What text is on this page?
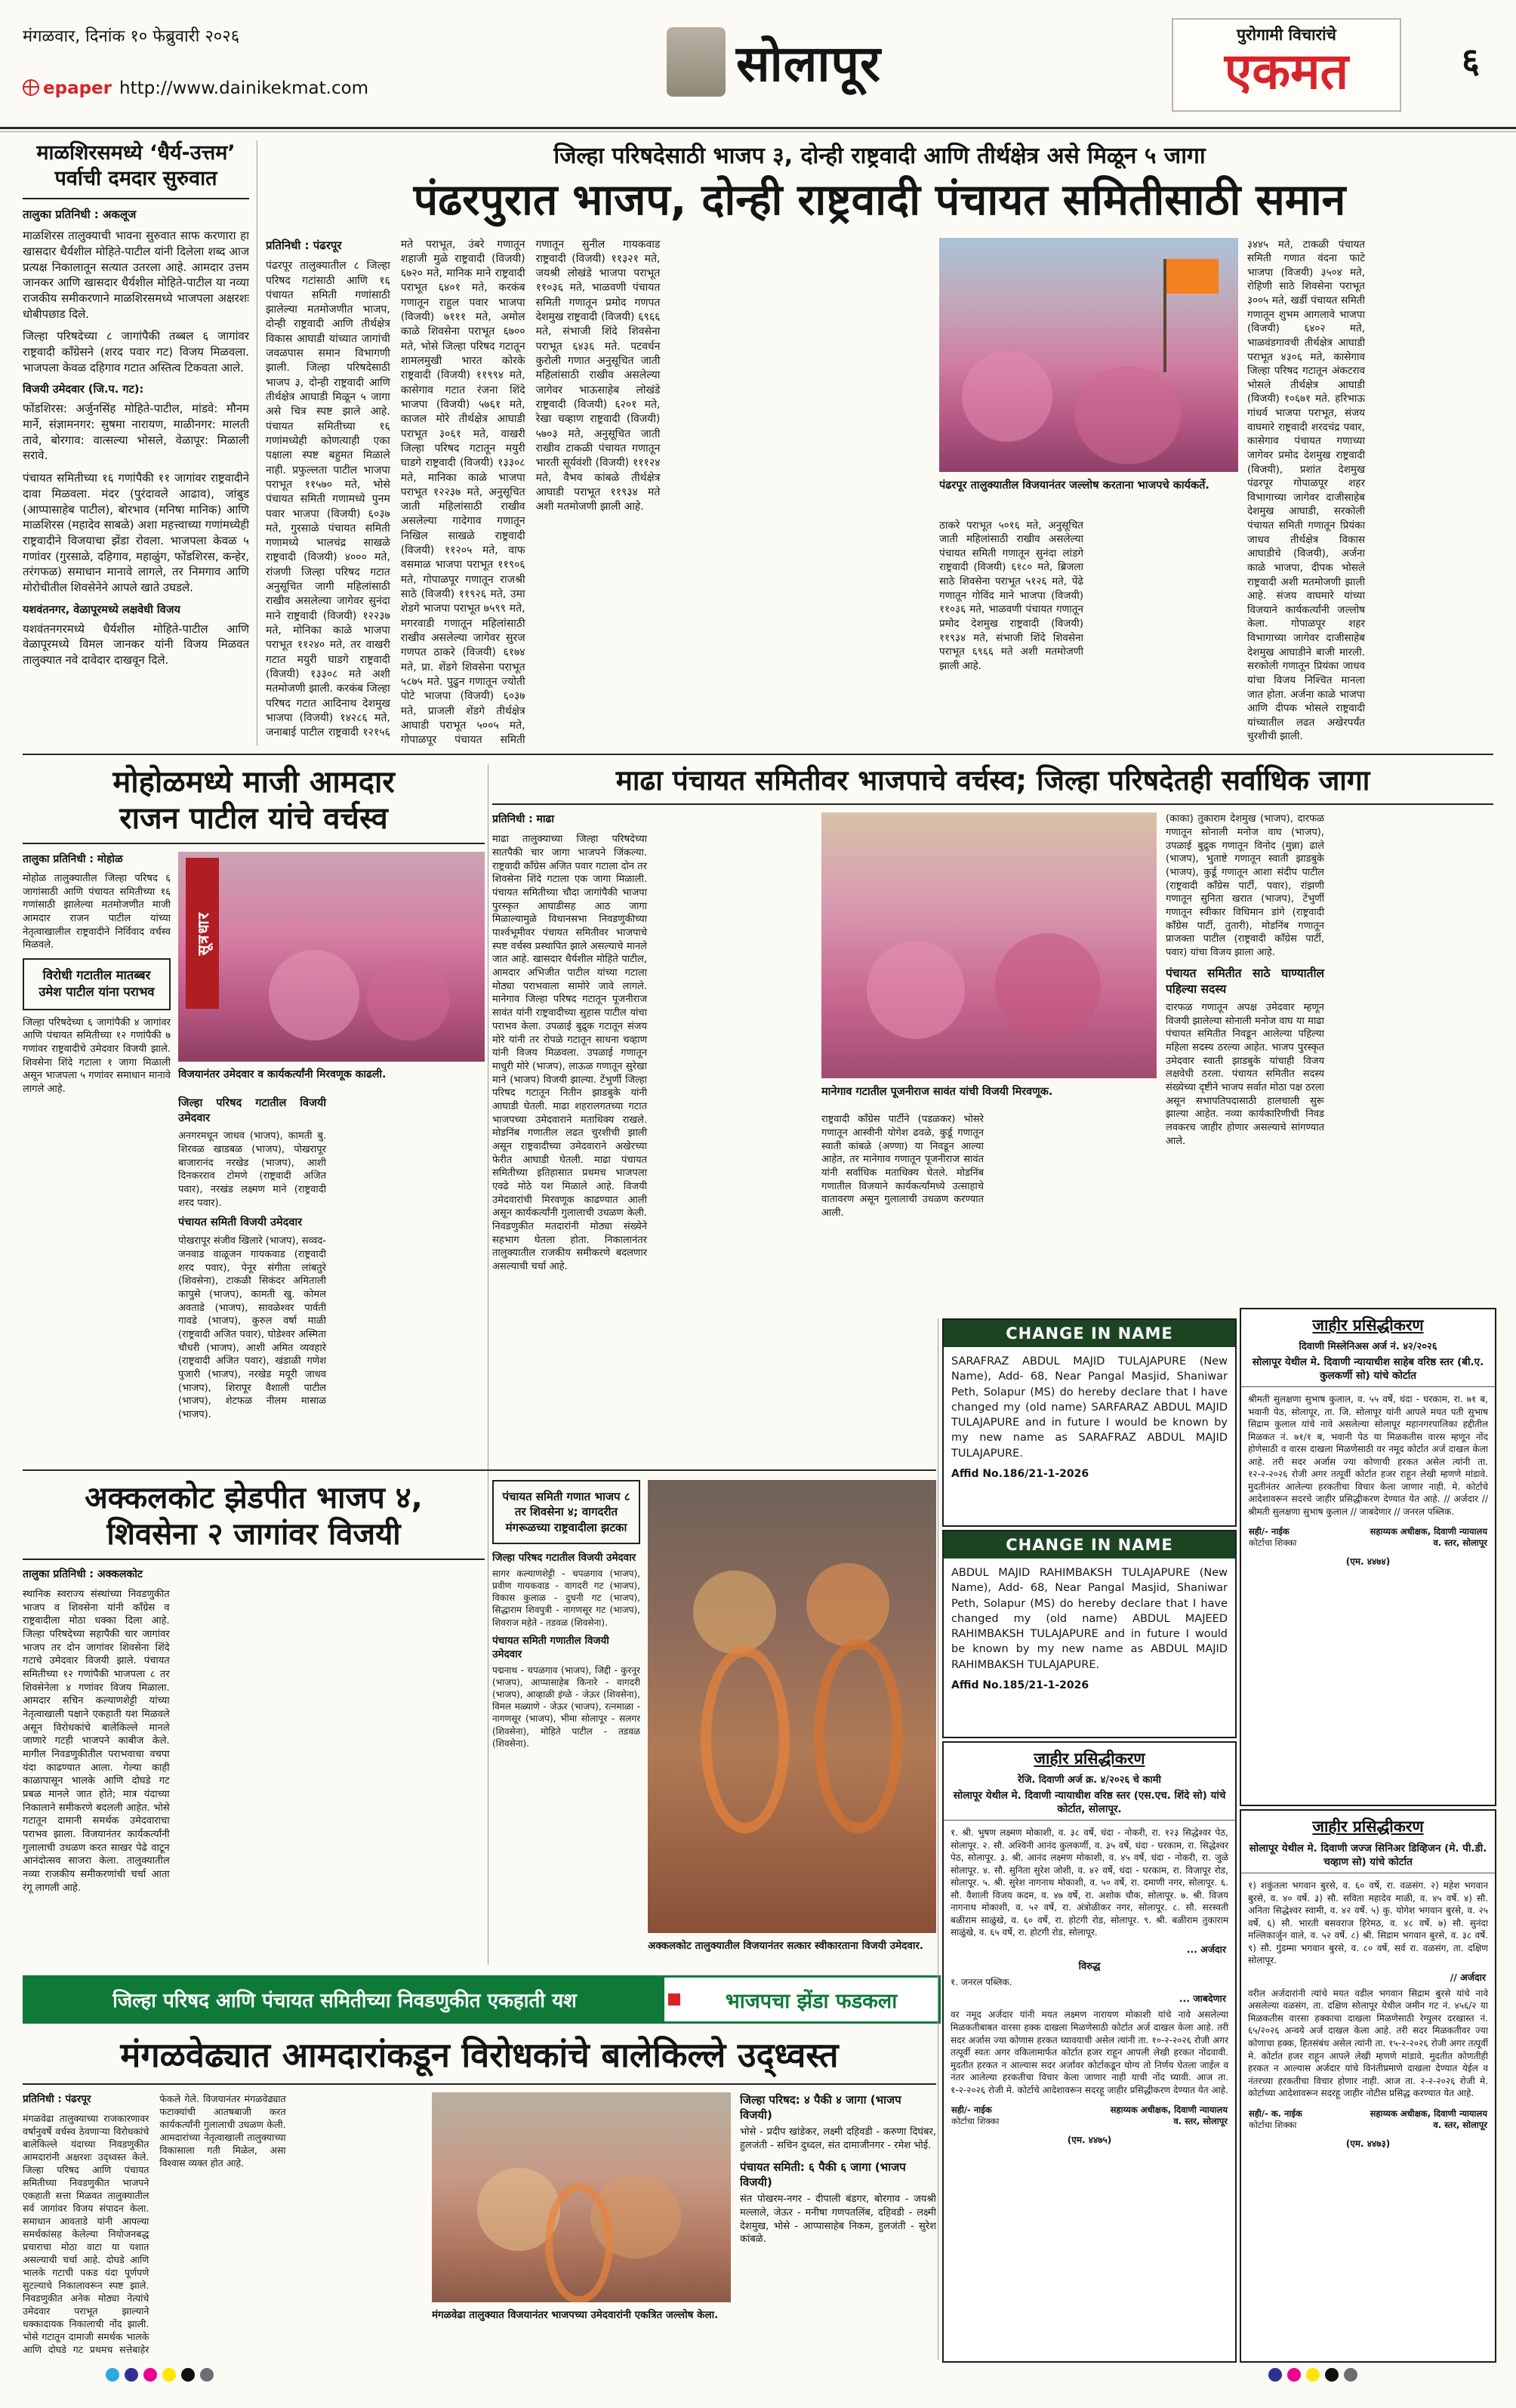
मंगळवार, दिनांक १० फेब्रुवारी २०२६
epaper http://www.dainikekmat.com	सोलापूर	पुरोगामी विचारांचे
एकमत	६
माळशिरसमध्ये ‘धैर्य-उत्तम’
पर्वाची दमदार सुरुवात
तालुका प्रतिनिधी : अकलूज

माळशिरस तालुक्याची भावना सुरुवात साफ करणारा हा खासदार धैर्यशील मोहिते-पाटील यांनी दिलेला शब्द आज प्रत्यक्ष निकालातून सत्यात उतरला आहे. आमदार उत्तम जानकर आणि खासदार धैर्यशील मोहिते-पाटील या नव्या राजकीय समीकरणाने माळशिरसमध्ये भाजपला अक्षरशः धोबीपछाड दिले.

जिल्हा परिषदेच्या ८ जागांपैकी तब्बल ६ जागांवर राष्ट्रवादी काँग्रेसने (शरद पवार गट) विजय मिळवला. भाजपला केवळ दहिगाव गटात अस्तित्व टिकवता आले.

विजयी उमेदवार (जि.प. गट):

फोंडशिरस: अर्जुनसिंह मोहिते-पाटील, मांडवे: मौनम मार्ने, संज्ञामनगर: सुषमा नारायण, माळीनगर: मालती तावे, बोरगाव: वात्सल्या भोसले, वेळापूर: मिळाली सरावे.

पंचायत समितीच्या १६ गणांपैकी ११ जागांवर राष्ट्रवादीने दावा मिळवला. मंदर (पुरंदावले आढाव), जांबुड (आप्पासाहेब पाटील), बोरभाव (मनिषा मानिक) आणि माळशिरस (महादेव साबळे) अशा महत्त्वाच्या गणांमध्येही राष्ट्रवादीने विजयाचा झेंडा रोवला. भाजपला केवळ ५ गणांवर (गुरसाळे, दहिगाव, महाळुंग, फोंडशिरस, कन्हेर, तरंगफळ) समाधान मानावे लागले, तर निमगाव आणि मोरोचीतील शिवसेनेने आपले खाते उघडले.

यशवंतनगर, वेळापूरमध्ये लक्षवेधी विजय

यशवंतनगरमध्ये धैर्यशील मोहिते-पाटील आणि वेळापूरमध्ये विमल जानकर यांनी विजय मिळवत तालुक्यात नवे दावेदार दाखवून दिले.

जिल्हा परिषदेसाठी भाजप ३, दोन्ही राष्ट्रवादी आणि तीर्थक्षेत्र असे मिळून ५ जागा
पंढरपुरात भाजप, दोन्ही राष्ट्रवादी पंचायत समितीसाठी समान
प्रतिनिधी : पंढरपूर

पंढरपूर तालुक्यातील ८ जिल्हा परिषद गटांसाठी आणि १६ पंचायत समिती गणांसाठी झालेल्या मतमोजणीत भाजप, दोन्ही राष्ट्रवादी आणि तीर्थक्षेत्र विकास आघाडी यांच्यात जागांची जवळपास समान विभागणी झाली. जिल्हा परिषदेसाठी भाजप ३, दोन्ही राष्ट्रवादी आणि तीर्थक्षेत्र आघाडी मिळून ५ जागा असे चित्र स्पष्ट झाले आहे. पंचायत समितीच्या १६ गणांमध्येही कोणत्याही एका पक्षाला स्पष्ट बहुमत मिळाले नाही. प्रफुल्लता पाटील भाजपा पराभूत ११५७० मते, भोसे पंचायत समिती गणामध्ये पुनम पवार भाजपा (विजयी) ६०३७ मते, गुरसाळे पंचायत समिती गणामध्ये भालचंद्र साखळे राष्ट्रवादी (विजयी) ४००० मते, रांजणी जिल्हा परिषद गटात अनुसूचित जागी महिलांसाठी राखीव असलेल्या जागेवर सुनंदा माने राष्ट्रवादी (विजयी) १२२३७ मते, मोनिका काळे भाजपा पराभूत ११२४० मते, तर वाखरी गटात मयुरी घाडगे राष्ट्रवादी (विजयी) १३३०८ मते अशी मतमोजणी झाली. करकंब जिल्हा परिषद गटात आदिनाथ देशमुख भाजपा (विजयी) १४२८६ मते, जनाबाई पाटील राष्ट्रवादी १२१५६ मते पराभूत, उंबरे गणातून शहाजी मुळे राष्ट्रवादी (विजयी) ६७२० मते, मानिक माने राष्ट्रवादी पराभूत ६४०१ मते, करकंब गणातून राहुल पवार भाजपा (विजयी) ७१११ मते, अमोल काळे शिवसेना पराभूत ६७०० मते, भोसे जिल्हा परिषद गटातून शामलमुखी भारत कोरके राष्ट्रवादी (विजयी) ११९९४ मते, कासेगाव गटात रंजना शिंदे भाजपा (विजयी) ५७६१ मते, काजल मोरे तीर्थक्षेत्र आघाडी पराभूत ३०६१ मते, वाखरी जिल्हा परिषद गटातून मयुरी घाडगे राष्ट्रवादी (विजयी) १३३०८ मते, मानिका काळे भाजपा पराभूत १२२३७ मते, अनुसूचित जाती महिलांसाठी राखीव असलेल्या गादेगाव गणातून निखिल साखळे राष्ट्रवादी (विजयी) ११२०५ मते, वाफ वसमाळ भाजपा पराभूत ११९०६ मते, गोपाळपूर गणातून राजश्री साठे (विजयी) ११९२६ मते, उमा शेडगे भाजपा पराभूत ७५९९ मते, मगरवाडी गणातून महिलांसाठी राखीव असलेल्या जागेवर सुरज गणपत ठाकरे (विजयी) ६१७४ मते, प्रा. शेंडगे शिवसेना पराभूत ५८७५ मते. पुढुन गणातून ज्योती पोटे भाजपा (विजयी) ६०३७ मते, प्राजली शेंडगे तीर्थक्षेत्र आघाडी पराभूत ५००५ मते, गोपाळपूर पंचायत समिती गणातून सुनील गायकवाड राष्ट्रवादी (विजयी) ११३२१ मते, जयश्री लोखंडे भाजपा पराभूत ११०३६ मते, भाळवणी पंचायत समिती गणातून प्रमोद गणपत देशमुख राष्ट्रवादी (विजयी) ६९६६ मते, संभाजी शिंदे शिवसेना पराभूत ६४३६ मते. पटवर्धन कुरोली गणात अनुसूचित जाती महिलांसाठी राखीव असलेल्या जागेवर भाऊसाहेब लोखंडे राष्ट्रवादी (विजयी) ६२०१ मते, रेखा चव्हाण राष्ट्रवादी (विजयी) ५७०३ मते, अनुसूचित जाती राखीव टाकळी पंचायत गणातून भारती सूर्यवंशी (विजयी) १११२४ मते, वैभव कांबळे तीर्थक्षेत्र आघाडी पराभूत ११९३४ मते अशी मतमोजणी झाली आहे.

पंढरपूर तालुक्यातील विजयानंतर जल्लोष करताना भाजपचे कार्यकर्ते.

ठाकरे पराभूत ५०१६ मते, अनुसूचित जाती महिलांसाठी राखीव असलेल्या पंचायत समिती गणातून सुनंदा लांडगे राष्ट्रवादी (विजयी) ६१८० मते, ब्रिजला साठे शिवसेना पराभूत ५१२६ मते, पेंढे गणातून गोविंद माने भाजपा (विजयी) ११०३६ मते, भाळवणी पंचायत गणातून प्रमोद देशमुख राष्ट्रवादी (विजयी) ११९३४ मते, संभाजी शिंदे शिवसेना पराभूत ६९६६ मते अशी मतमोजणी झाली आहे.

३४४५ मते, टाकळी पंचायत समिती गणात वंदना फाटे भाजपा (विजयी) ३५०४ मते, रोहिणी साठे शिवसेना पराभूत ३००५ मते, खर्डी पंचायत समिती गणातून शुभम आगलावे भाजपा (विजयी) ६४०२ मते, भाळवंडगावची तीर्थक्षेत्र आघाडी पराभूत ४३०६ मते, कासेगाव जिल्हा परिषद गटातून अंकटराव भोसले तीर्थक्षेत्र आघाडी (विजयी) १०६७१ मते. हरिभाऊ गांधर्व भाजपा पराभूत, संजय वाघमारे राष्ट्रवादी शरदचंद्र पवार, कासेगाव पंचायत गणाच्या जागेवर प्रमोद देशमुख राष्ट्रवादी (विजयी), प्रशांत देशमुख पंढरपूर गोपाळपूर शहर विभागाच्या जागेवर दाजीसाहेब देशमुख आघाडी, सरकोली पंचायत समिती गणातून प्रियंका जाधव तीर्थक्षेत्र विकास आघाडीचे (विजयी), अर्जना काळे भाजपा, दीपक भोसले राष्ट्रवादी अशी मतमोजणी झाली आहे. संजय वाघमारे यांच्या विजयाने कार्यकर्त्यांनी जल्लोष केला. गोपाळपूर शहर विभागाच्या जागेवर दाजीसाहेब देशमुख आघाडीने बाजी मारली. सरकोली गणातून प्रियंका जाधव यांचा विजय निश्चित मानला जात होता. अर्जना काळे भाजपा आणि दीपक भोसले राष्ट्रवादी यांच्यातील लढत अखेरपर्यंत चुरशीची झाली.

मोहोळमध्ये माजी आमदार
राजन पाटील यांचे वर्चस्व
तालुका प्रतिनिधी : मोहोळ
मोहोळ तालुक्यातील जिल्हा परिषद ६ जागांसाठी आणि पंचायत समितीच्या १६ गणांसाठी झालेल्या मतमोजणीत माजी आमदार राजन पाटील यांच्या नेतृत्वाखालील राष्ट्रवादीने निर्विवाद वर्चस्व मिळवले.
विरोधी गटातील मातब्बर उमेश पाटील यांना पराभव
जिल्हा परिषदेच्या ६ जागांपैकी ४ जागांवर आणि पंचायत समितीच्या १२ गणांपैकी ७ गणांवर राष्ट्रवादीचे उमेदवार विजयी झाले. शिवसेना शिंदे गटाला १ जागा मिळाली असून भाजपला ५ गणांवर समाधान मानावे लागले आहे.
सूत्रधार
विजयानंतर उमेदवार व कार्यकर्त्यांनी मिरवणूक काढली.
जिल्हा परिषद गटातील विजयी उमेदवार

अनगरमधून जाधव (भाजप), कामती बु. शिरवळ खाडबळ (भाजप), पोखरापूर बाजारानंद नरखेड (भाजप), आशी दिनकरराव टोमणे (राष्ट्रवादी अजित पवार), नरखंड लक्ष्मण माने (राष्ट्रवादी शरद पवार).

पंचायत समिती विजयी उमेदवार

पोखरापूर संजीव खिलारे (भाजप), सव्वद-जनवाड वाळूजन गायकवाड (राष्ट्रवादी शरद पवार), पेनूर संगीता लांबतुरे (शिवसेना), टाकळी सिकंदर अमिताली कापुसे (भाजप), कामती खु. कोमल अवताडे (भाजप), सावळेश्वर पार्वती गावडे (भाजप), कुरुल वर्षा माळी (राष्ट्रवादी अजित पवार), घोडेश्वर अस्मिता चौधरी (भाजप), आशी अमित व्यवहारे (राष्ट्रवादी अजित पवार), खंडाळी गणेश पुजारी (भाजप), नरखेड मयूरी जाधव (भाजप), शिरापूर वैशाली पाटील (भाजप), शेटफळ नीलम मासाळ (भाजप).

माढा पंचायत समितीवर भाजपाचे वर्चस्व; जिल्हा परिषदेतही सर्वाधिक जागा
प्रतिनिधी : माढा

माढा तालुक्याच्या जिल्हा परिषदेच्या सातपैकी चार जागा भाजपने जिंकल्या. राष्ट्रवादी काँग्रेस अजित पवार गटाला दोन तर शिवसेना शिंदे गटाला एक जागा मिळाली. पंचायत समितीच्या चौदा जागांपैकी भाजपा पुरस्कृत आघाडीसह आठ जागा मिळाल्यामुळे विधानसभा निवडणुकीच्या पार्श्वभूमीवर पंचायत समितीवर भाजपाचे स्पष्ट वर्चस्व प्रस्थापित झाले असल्याचे मानले जात आहे. खासदार धैर्यशील मोहिते पाटील, आमदार अभिजीत पाटील यांच्या गटाला मोठ्या पराभवाला सामोरे जावे लागले. मानेगाव जिल्हा परिषद गटातून पूजनीराज सावंत यांनी राष्ट्रवादीच्या सुहास पाटील यांचा पराभव केला. उपळाई बुद्रुक गटातून संजय मोरे यांनी तर रोपळे गटातून साधना चव्हाण यांनी विजय मिळवला. उपळाई गणातून माधुरी मोरे (भाजप), लाऊळ गणातून सुरेखा माने (भाजप) विजयी झाल्या. टेंभुर्णी जिल्हा परिषद गटातून नितीन झाडबुके यांनी आघाडी घेतली. माढा शहरालगतच्या गटात भाजपच्या उमेदवाराने मताधिक्य राखले. मोडनिंब गणातील लढत चुरशीची झाली असून राष्ट्रवादीच्या उमेदवाराने अखेरच्या फेरीत आघाडी घेतली. माढा पंचायत समितीच्या इतिहासात प्रथमच भाजपला एवढे मोठे यश मिळाले आहे. विजयी उमेदवारांची मिरवणूक काढण्यात आली असून कार्यकर्त्यांनी गुलालाची उधळण केली. निवडणुकीत मतदारांनी मोठ्या संख्येने सहभाग घेतला होता. निकालानंतर तालुक्यातील राजकीय समीकरणे बदलणार असल्याची चर्चा आहे.

मानेगाव गटातील पूजनीराज सावंत यांची विजयी मिरवणूक.

राष्ट्रवादी काँग्रेस पार्टीने (पडळकर) भोसरे गणातून आस्वीनी योगेश ढवळे, कुर्डू गणातून स्वाती कांबळे (अण्णा) या निवडून आल्या आहेत, तर मानेगाव गणातून पूजनीराज सावंत यांनी सर्वाधिक मताधिक्य घेतले. मोडनिंब गणातील विजयाने कार्यकर्त्यांमध्ये उत्साहाचे वातावरण असून गुलालाची उधळण करण्यात आली.

(काका) तुकाराम देशमुख (भाजप), दारफळ गणातून सोनाली मनोज वाघ (भाजप), उपळाई बुद्रुक गणातून विनोद (मुन्ना) ढाले (भाजप), भुताष्टे गणातून स्वाती झाडबुके (भाजप), कुर्डू गणातून आशा संदीप पाटील (राष्ट्रवादी काँग्रेस पार्टी, पवार), रांझणी गणातून सुनिता खरात (भाजप), टेंभुर्णी गणातून स्वीकार विधिमान डांगे (राष्ट्रवादी काँग्रेस पार्टी, तुतारी), मोडनिंब गणातून प्राजक्ता पाटील (राष्ट्रवादी काँग्रेस पार्टी, पवार) यांचा विजय झाला आहे.

पंचायत समितीत साठे घाण्यातील पहिल्या सदस्य

दारफळ गणातून अपक्ष उमेदवार म्हणून विजयी झालेल्या सोनाली मनोज वाघ या माढा पंचायत समितीत निवडून आलेल्या पहिल्या महिला सदस्य ठरल्या आहेत. भाजप पुरस्कृत उमेदवार स्वाती झाडबुके यांचाही विजय लक्षवेधी ठरला. पंचायत समितीत सदस्य संख्येच्या दृष्टीने भाजप सर्वात मोठा पक्ष ठरला असून सभापतिपदासाठी हालचाली सुरू झाल्या आहेत. नव्या कार्यकारिणीची निवड लवकरच जाहीर होणार असल्याचे सांगण्यात आले.

अक्कलकोट झेडपीत भाजप ४,
शिवसेना २ जागांवर विजयी
तालुका प्रतिनिधी : अक्कलकोट

स्थानिक स्वराज्य संस्थांच्या निवडणुकीत भाजप व शिवसेना यांनी काँग्रेस व राष्ट्रवादीला मोठा धक्का दिला आहे. जिल्हा परिषदेच्या सहापैकी चार जागांवर भाजप तर दोन जागांवर शिवसेना शिंदे गटाचे उमेदवार विजयी झाले. पंचायत समितीच्या १२ गणांपैकी भाजपला ८ तर शिवसेनेला ४ गणांवर विजय मिळाला. आमदार सचिन कल्याणशेट्टी यांच्या नेतृत्वाखाली पक्षाने एकहाती यश मिळवले असून विरोधकांचे बालेकिल्ले मानले जाणारे गटही भाजपने काबीज केले. मागील निवडणुकीतील पराभवाचा वचपा यंदा काढण्यात आला. गेल्या काही काळापासून भालके आणि दोघडे गट प्रबळ मानले जात होते; मात्र यंदाच्या निकालाने समीकरणे बदलली आहेत. भोसे गटातून दामानी समर्थक उमेदवाराचा पराभव झाला. विजयानंतर कार्यकर्त्यांनी गुलालाची उधळण करत साखर पेढे वाटून आनंदोत्सव साजरा केला. तालुक्यातील नव्या राजकीय समीकरणांची चर्चा आता रंगू लागली आहे.

पंचायत समिती गणात भाजप ८ तर शिवसेना ४; वागदरीत मंगरूळच्या राष्ट्रवादीला झटका
जिल्हा परिषद गटातील विजयी उमेदवार
सागर कल्याणशेट्टी - चपळगाव (भाजप), प्रवीण गायकवाड - वागदरी गट (भाजप), विकास कुलाळ - दुधनी गट (भाजप), सिद्धाराम शिवपुत्री - नागणसूर गट (भाजप), शिवराज महेते - तडवळ (शिवसेना).
पंचायत समिती गणातील विजयी उमेदवार
पद्मन‍ाथ - चपळगाव (भाजप), जिद्दी - कुरनूर (भाजप), आप्पासाहेब किनारे - वागदरी (भाजप), आव्हाळी इंग्ळे - जेऊर (शिवसेना), विमल मळ्याणे - जेऊर (भाजप), रत्नमाळा - नागणसूर (भाजप), भीमा सोलापूर - सलगर (शिवसेना), मोहिते पाटील - तडवळ (शिवसेना).
अक्कलकोट तालुक्यातील विजयानंतर सत्कार स्वीकारताना विजयी उमेदवार.
जिल्हा परिषद आणि पंचायत समितीच्या निवडणुकीत एकहाती यश	भाजपचा झेंडा फडकला
मंगळवेढ्यात आमदारांकडून विरोधकांचे बालेकिल्ले उद्ध्वस्त
प्रतिनिधी : पंढरपूर

मंगळवेढा तालुक्याच्या राजकारणावर वर्षानुवर्षे वर्चस्व ठेवणाऱ्या विरोधकांचे बालेकिल्ले यंदाच्या निवडणुकीत आमदारांनी अक्षरशः उद्ध्वस्त केले. जिल्हा परिषद आणि पंचायत समितीच्या निवडणुकीत भाजपने एकहाती सत्ता मिळवत तालुक्यातील सर्व जागांवर विजय संपादन केला. समाधान आवताडे यांनी आपल्या समर्थकांसह केलेल्या नियोजनबद्ध प्रचाराचा मोठा वाटा या यशात असल्याची चर्चा आहे. दोघडे आणि भालके गटाची पकड यंदा पूर्णपणे सुटल्याचे निकालावरून स्पष्ट झाले. निवडणुकीत अनेक मोठ्या नेत्यांचे उमेदवार पराभूत झाल्याने धक्कादायक निकालाची नोंद झाली. भोसे गटातून दामाजी समर्थक भालके आणि दोघडे गट प्रथमच सत्तेबाहेर फेकले गेले. विजयानंतर मंगळवेढ्यात फटाक्यांची आतषबाजी करत कार्यकर्त्यांनी गुलालाची उधळण केली. आमदारांच्या नेतृत्वाखाली तालुक्याच्या विकासाला गती मिळेल, असा विश्वास व्यक्त होत आहे.

मंगळवेढा तालुक्यात विजयानंतर भाजपच्या उमेदवारांनी एकत्रित जल्लोष केला.
जिल्हा परिषद: ४ पैकी ४ जागा (भाजप विजयी)
भोसे - प्रदीप खांडेकर, लक्ष्मी दहिवडी - करुणा दिघंबर, हुलजंती - सचिन दुध्दल, संत दामाजीनगर - रमेश भोई.
पंचायत समिती: ६ पैकी ६ जागा (भाजप विजयी)
संत पोखरम-नगर - दीपाली बंडगर, बोरगाव - जयश्री मल्लाले, जेऊर - मनीषा गणपतलिंब, दहिवडी - लक्ष्मी देशमुख, भोसे - आप्पासाहेब निकम, हुलजंती - सुरेश कांबळे.
CHANGE IN NAME
SARAFRAZ ABDUL MAJID TULAJAPURE (New Name), Add- 68, Near Pangal Masjid, Shaniwar Peth, Solapur (MS) do hereby declare that I have changed my (old name) SARFARAZ ABDUL MAJID TULAJAPURE and in future I would be known by my new name as SARAFRAZ ABDUL MAJID TULAJAPURE.
Affid No.186/21-1-2026
CHANGE IN NAME
ABDUL MAJID RAHIMBAKSH TULAJAPURE (New Name), Add- 68, Near Pangal Masjid, Shaniwar Peth, Solapur (MS) do hereby declare that I have changed my (old name) ABDUL MAJEED RAHIMBAKSH TULAJAPURE and in future I would be known by my new name as ABDUL MAJID RAHIMBAKSH TULAJAPURE.
Affid No.185/21-1-2026
जाहीर प्रसिद्धीकरण
रेजि. दिवाणी अर्ज क्र. ४/२०२६ चे कामी
सोलापूर येथील मे. दिवाणी न्यायाधीश वरिष्ठ स्तर (एस.एच. शिंदे सो) यांचे कोर्टात, सोलापूर.
१. श्री. भुषण लक्ष्मण मोकाशी, व. ३८ वर्षे, धंदा - नोकरी, रा. १२३ सिद्धेश्वर पेठ, सोलापूर. २. सौ. अश्विनी आनंद कुलकर्णी, व. ३५ वर्षे, धंदा - घरकाम, रा. सिद्धेश्वर पेठ, सोलापूर. ३. श्री. आनंद लक्ष्मण मोकाशी, व. ४५ वर्षे, धंदा - नोकरी, रा. जुळे सोलापूर. ४. सौ. सुनिता सुरेश जोशी, व. ४२ वर्षे, धंदा - घरकाम, रा. विजापूर रोड, सोलापूर. ५. श्री. सुरेश नागनाथ मोकाशी, व. ५० वर्षे, रा. दमाणी नगर, सोलापूर. ६. सौ. वैशाली विजय कदम, व. ४७ वर्षे, रा. अशोक चौक, सोलापूर. ७. श्री. विजय नागनाथ मोकाशी, व. ५२ वर्षे, रा. अंत्रोळीकर नगर, सोलापूर. ८. सौ. सरस्वती बळीराम साळुंखे, व. ६० वर्षे, रा. होटगी रोड, सोलापूर. ९. श्री. बळीराम तुकाराम साळुंखे, व. ६५ वर्षे, रा. होटगी रोड, सोलापूर.
... अर्जदार
विरुद्ध
१. जनरल पब्लिक.
... जाबदेणार
वर नमूद अर्जदार यांनी मयत लक्ष्मण नारायण मोकाशी यांचे नावे असलेल्या मिळकतीबाबत वारसा हक्क दाखला मिळणेसाठी कोर्टात अर्ज दाखल केला आहे. तरी सदर अर्जास ज्या कोणास हरकत घ्यावयाची असेल त्यांनी ता. १०-२-२०२६ रोजी अगर तत्पूर्वी स्वतः अगर वकिलामार्फत कोर्टात हजर राहून आपली लेखी हरकत नोंदवावी. मुदतीत हरकत न आल्यास सदर अर्जावर कोर्टाकडून योग्य तो निर्णय घेतला जाईल व नंतर आलेल्या हरकतीचा विचार केला जाणार नाही याची नोंद घ्यावी. आज ता. १-२-२०२६ रोजी मे. कोर्टाचे आदेशावरून सदरहू जाहीर प्रसिद्धीकरण देण्यात येत आहे.
सही/- नाईक
कोर्टाचा शिक्का
सहाय्यक अधीक्षक, दिवाणी न्यायालय व. स्तर, सोलापूर
(एम. ४४७५)
जाहीर प्रसिद्धीकरण
दिवाणी मिस्लेनिअस अर्ज नं. ४२/२०२६
सोलापूर येथील मे. दिवाणी न्यायाधीश साहेब वरिष्ठ स्तर (बी.ए. कुलकर्णी सो) यांचे कोर्टात
श्रीमती सुलक्षणा सुभाष कुलाल, व. ५५ वर्षे, धंदा - घरकाम, रा. ७१ ब, भवानी पेठ, सोलापूर, ता. जि. सोलापूर यांनी आपले मयत पती सुभाष सिद्राम कुलाल यांचे नावे असलेल्या सोलापूर महानगरपालिका हद्दीतील मिळकत नं. ७१/१ ब, भवानी पेठ या मिळकतीस वारस म्हणून नोंद होणेसाठी व वारस दाखला मिळणेसाठी वर नमूद कोर्टात अर्ज दाखल केला आहे. तरी सदर अर्जास ज्या कोणाची हरकत असेल त्यांनी ता. १२-२-२०२६ रोजी अगर तत्पूर्वी कोर्टात हजर राहून लेखी म्हणणे मांडावे. मुदतीनंतर आलेल्या हरकतीचा विचार केला जाणार नाही. मे. कोर्टाचे आदेशावरून सदरचे जाहीर प्रसिद्धीकरण देण्यात येत आहे. // अर्जदार // श्रीमती सुलक्षणा सुभाष कुलाल // जाबदेणार // जनरल पब्लिक.
सही/- नाईक
कोर्टाचा शिक्का
सहाय्यक अधीक्षक, दिवाणी न्यायालय व. स्तर, सोलापूर
(एम. ४४७४)
जाहीर प्रसिद्धीकरण
सोलापूर येथील मे. दिवाणी जज्ज सिनिअर डिव्हिजन (मे. पी.डी. चव्हाण सो) यांचे कोर्टात
१) शकुंतला भगवान बुरसे, व. ६० वर्षे, रा. वळसंग. २) महेश भगवान बुरसे, व. ४० वर्षे. ३) सौ. सविता महादेव माळी, व. ४५ वर्षे. ४) सौ. अनिता सिद्धेश्वर स्वामी, व. ४२ वर्षे. ५) कु. योगेश भगवान बुरसे, व. २५ वर्षे. ६) सौ. भारती बसवराज हिरेमठ, व. ४८ वर्षे. ७) सौ. सुनंदा मल्लिकार्जुन वाले, व. ५२ वर्षे. ८) श्री. सिद्राम भगवान बुरसे, व. ३८ वर्षे. ९) सौ. गुंडम्मा भगवान बुरसे, व. ८० वर्षे, सर्व रा. वळसंग, ता. दक्षिण सोलापूर.
// अर्जदार
वरील अर्जदारांनी त्यांचे मयत वडील भगवान सिद्राम बुरसे यांचे नावे असलेल्या वळसंग, ता. दक्षिण सोलापूर येथील जमीन गट नं. ४५६/२ या मिळकतीस वारसा हक्काचा दाखला मिळणेसाठी रेग्युलर दरखास्त नं. ६५/२०२६ अन्वये अर्ज दाखल केला आहे. तरी सदर मिळकतीवर ज्या कोणाचा हक्क, हितसंबंध असेल त्यांनी ता. १५-२-२०२६ रोजी अगर तत्पूर्वी मे. कोर्टात हजर राहून आपले लेखी म्हणणे मांडावे. मुदतीत कोणतीही हरकत न आल्यास अर्जदार यांचे विनंतीप्रमाणे दाखला देण्यात येईल व नंतरच्या हरकतीचा विचार होणार नाही. आज ता. २-२-२०२६ रोजी मे. कोर्टाच्या आदेशावरून सदरहू जाहीर नोटीस प्रसिद्ध करण्यात येत आहे.
सही/- क. नाईक
कोर्टाचा शिक्का
सहाय्यक अधीक्षक, दिवाणी न्यायालय व. स्तर, सोलापूर
(एम. ४४७३)
